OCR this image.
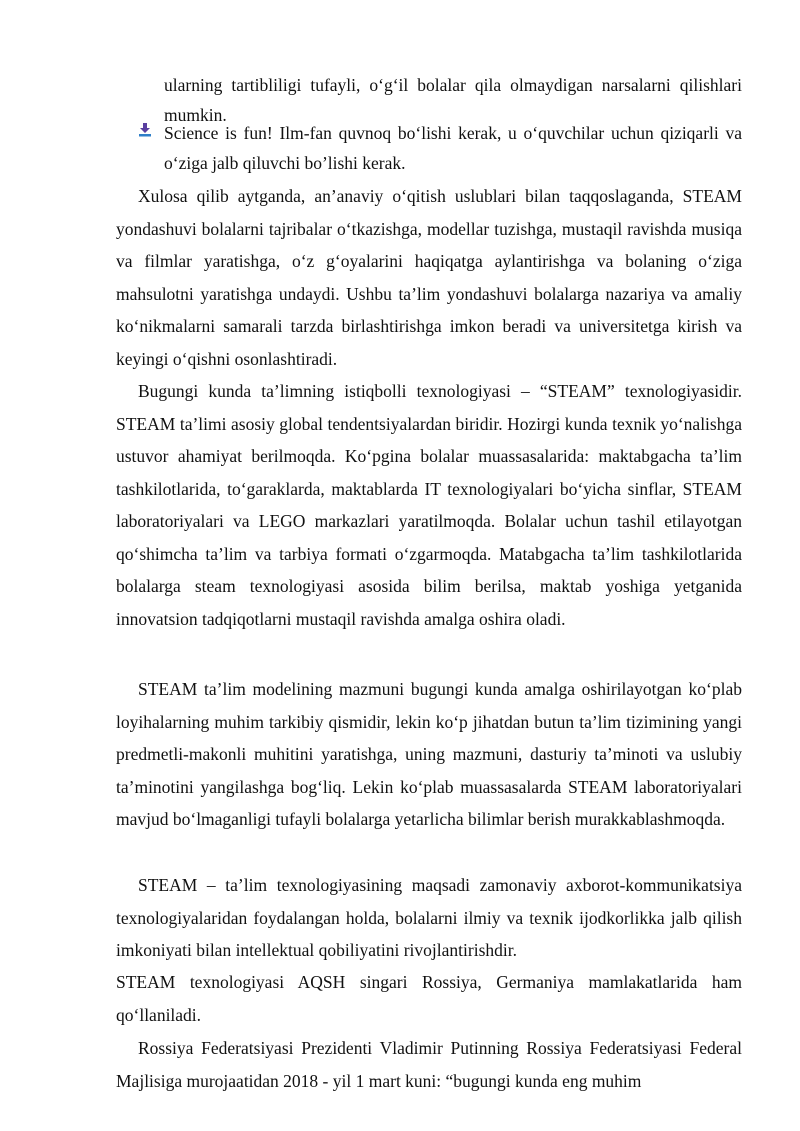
ularning tartibliligi tufayli, o‘g‘il bolalar qila olmaydigan narsalarni qilishlari mumkin.
Science is fun! Ilm-fan quvnoq bo‘lishi kerak, u o‘quvchilar uchun qiziqarli va o‘ziga jalb qiluvchi bo’lishi kerak.

Xulosa qilib aytganda, an’anaviy o‘qitish uslublari bilan taqqoslaganda, STEAM yondashuvi bolalarni tajribalar o‘tkazishga, modellar tuzishga, mustaqil ravishda musiqa va filmlar yaratishga, o‘z g‘oyalarini haqiqatga aylantirishga va bolaning o‘ziga mahsulotni yaratishga undaydi. Ushbu ta’lim yondashuvi bolalarga nazariya va amaliy ko‘nikmalarni samarali tarzda birlashtirishga imkon beradi va universitetga kirish va keyingi o‘qishni osonlashtiradi.

Bugungi kunda ta’limning istiqbolli texnologiyasi – “STEAM” texnologiyasidir. STEAM ta’limi asosiy global tendentsiyalardan biridir. Hozirgi kunda texnik yo‘nalishga ustuvor ahamiyat berilmoqda. Ko‘pgina bolalar muassasalarida: maktabgacha ta’lim tashkilotlarida, to‘garaklarda, maktablarda IT texnologiyalari bo‘yicha sinflar, STEAM laboratoriyalari va LEGO markazlari yaratilmoqda. Bolalar uchun tashil etilayotgan qo‘shimcha ta’lim va tarbiya formati o‘zgarmoqda. Matabgacha ta’lim tashkilotlarida bolalarga steam texnologiyasi asosida bilim berilsa, maktab yoshiga yetganida innovatsion tadqiqotlarni mustaqil ravishda amalga oshira oladi.

STEAM ta’lim modelining mazmuni bugungi kunda amalga oshirilayotgan ko‘plab loyihalarning muhim tarkibiy qismidir, lekin ko‘p jihatdan butun ta’lim tizimining yangi predmetli-makonli muhitini yaratishga, uning mazmuni, dasturiy ta’minoti va uslubiy ta’minotini yangilashga bog‘liq. Lekin ko‘plab muassasalarda STEAM laboratoriyalari mavjud bo‘lmaganligi tufayli bolalarga yetarlicha bilimlar berish murakkablashmoqda.

STEAM – ta’lim texnologiyasining maqsadi zamonaviy axborot-kommunikatsiya texnologiyalaridan foydalangan holda, bolalarni ilmiy va texnik ijodkorlikka jalb qilish imkoniyati bilan intellektual qobiliyatini rivojlantirishdir.

STEAM texnologiyasi AQSH singari Rossiya, Germaniya mamlakatlarida ham qo‘llaniladi.

Rossiya Federatsiyasi Prezidenti Vladimir Putinning Rossiya Federatsiyasi Federal Majlisiga murojaatidan 2018 - yil 1 mart kuni: “bugungi kunda eng muhim
